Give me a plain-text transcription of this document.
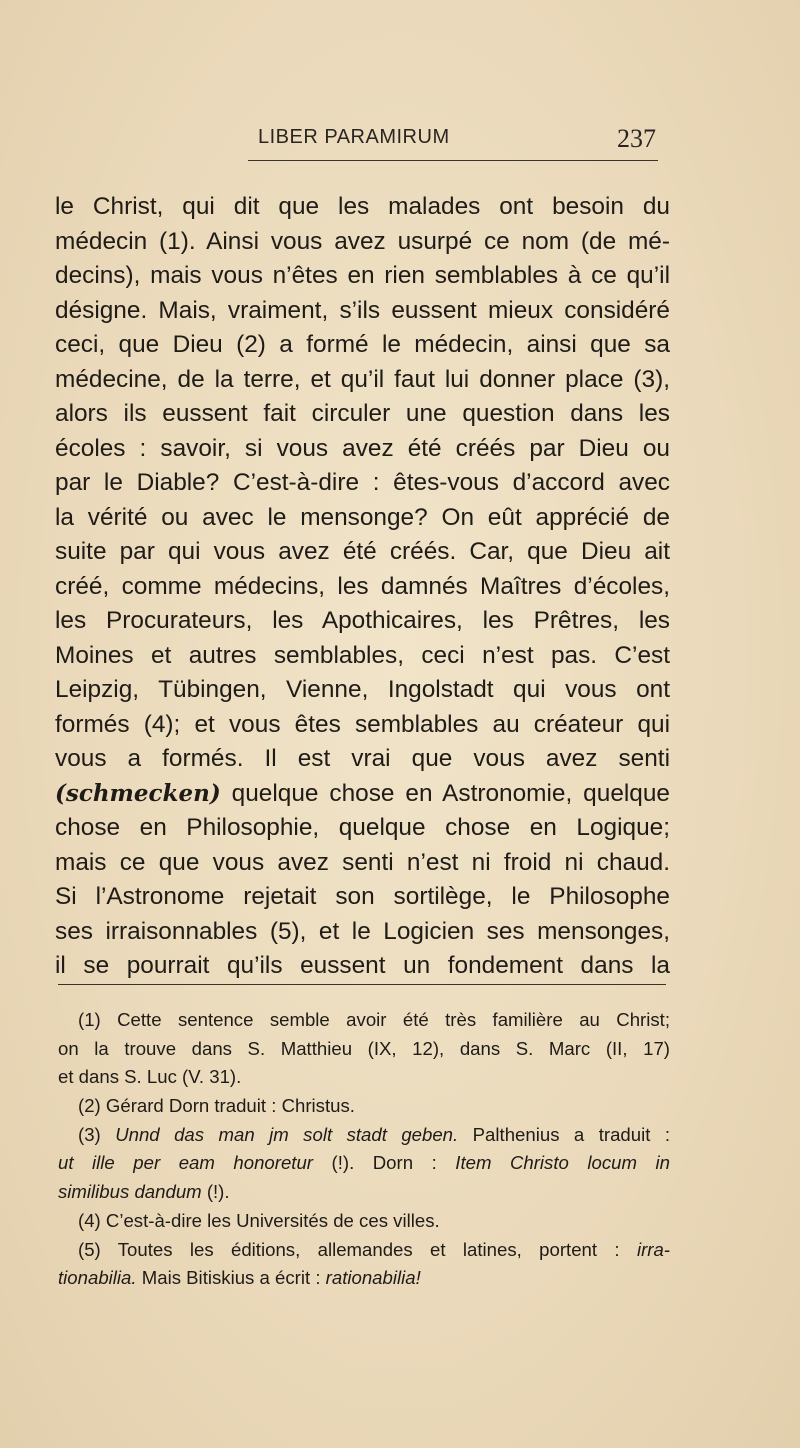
LIBER PARAMIRUM	237
le Christ, qui dit que les malades ont besoin du
médecin (1). Ainsi vous avez usurpé ce nom (de mé-
decins), mais vous n’êtes en rien semblables à ce qu’il
désigne. Mais, vraiment, s’ils eussent mieux considéré
ceci, que Dieu (2) a formé le médecin, ainsi que sa
médecine, de la terre, et qu’il faut lui donner place (3),
alors ils eussent fait circuler une question dans les
écoles : savoir, si vous avez été créés par Dieu ou
par le Diable? C’est-à-dire : êtes-vous d’accord avec
la vérité ou avec le mensonge? On eût apprécié de
suite par qui vous avez été créés. Car, que Dieu ait
créé, comme médecins, les damnés Maîtres d’écoles,
les Procurateurs, les Apothicaires, les Prêtres, les
Moines et autres semblables, ceci n’est pas. C’est
Leipzig, Tübingen, Vienne, Ingolstadt qui vous ont
formés (4); et vous êtes semblables au créateur qui
vous a formés. Il est vrai que vous avez senti
(schmecken) quelque chose en Astronomie, quelque
chose en Philosophie, quelque chose en Logique;
mais ce que vous avez senti n’est ni froid ni chaud.
Si l’Astronome rejetait son sortilège, le Philosophe
ses irraisonnables (5), et le Logicien ses mensonges,
il se pourrait qu’ils eussent un fondement dans la
(1) Cette sentence semble avoir été très familière au Christ;
on la trouve dans S. Matthieu (IX, 12), dans S. Marc (II, 17)
et dans S. Luc (V. 31).
(2) Gérard Dorn traduit : Christus.
(3) Unnd das man jm solt stadt geben. Palthenius a traduit :
ut ille per eam honoretur (!). Dorn : Item Christo locum in
similibus dandum (!).
(4) C’est-à-dire les Universités de ces villes.
(5) Toutes les éditions, allemandes et latines, portent : irra-
tionabilia. Mais Bitiskius a écrit : rationabilia!
